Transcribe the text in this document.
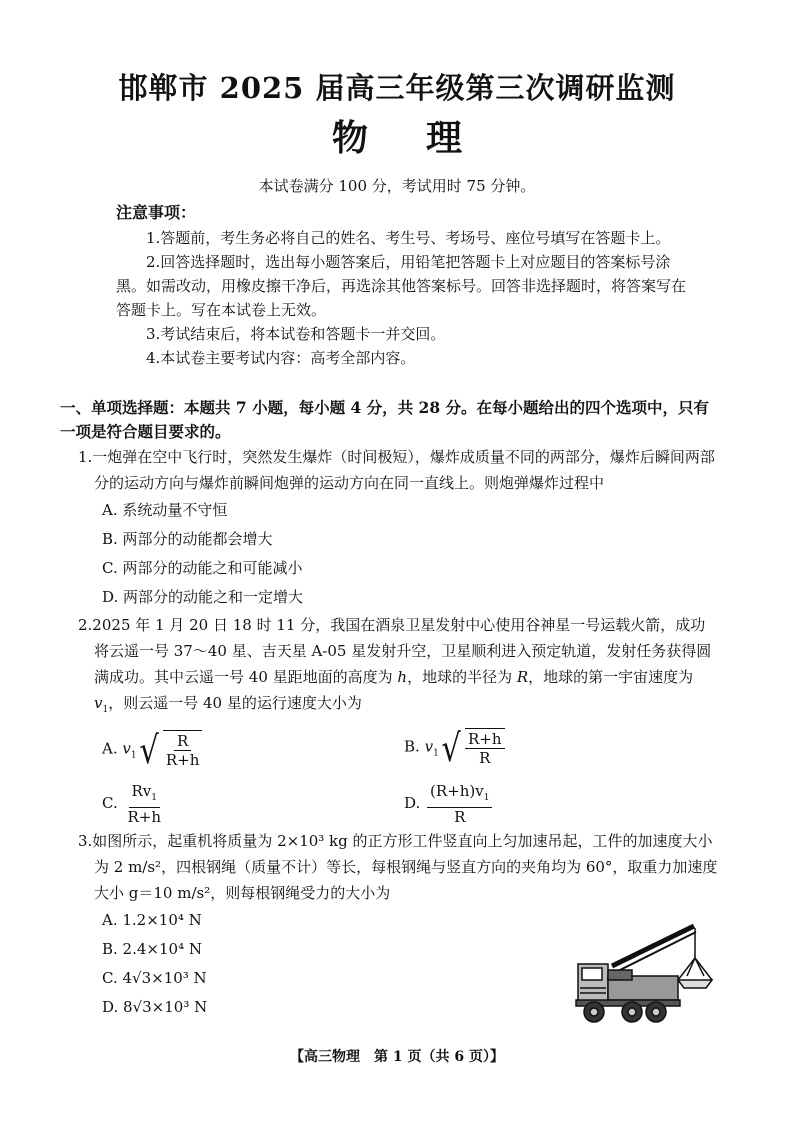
邯郸市 2025 届高三年级第三次调研监测
物理
本试卷满分 100 分，考试用时 75 分钟。
注意事项：

1.答题前，考生务必将自己的姓名、考生号、考场号、座位号填写在答题卡上。

2.回答选择题时，选出每小题答案后，用铅笔把答题卡上对应题目的答案标号涂黑。如需改动，用橡皮擦干净后，再选涂其他答案标号。回答非选择题时，将答案写在答题卡上。写在本试卷上无效。

3.考试结束后，将本试卷和答题卡一并交回。

4.本试卷主要考试内容：高考全部内容。

一、单项选择题：本题共 7 小题，每小题 4 分，共 28 分。在每小题给出的四个选项中，只有一项是符合题目要求的。
1.一炮弹在空中飞行时，突然发生爆炸（时间极短），爆炸成质量不同的两部分，爆炸后瞬间两部分的运动方向与爆炸前瞬间炮弹的运动方向在同一直线上。则炮弹爆炸过程中
A. 系统动量不守恒
B. 两部分的动能都会增大
C. 两部分的动能之和可能减小
D. 两部分的动能之和一定增大
2.2025 年 1 月 20 日 18 时 11 分，我国在酒泉卫星发射中心使用谷神星一号运载火箭，成功将云遥一号 37～40 星、吉天星 A-05 星发射升空，卫星顺利进入预定轨道，发射任务获得圆满成功。其中云遥一号 40 星距地面的高度为 h，地球的半径为 R，地球的第一宇宙速度为 $v_1$，则云遥一号 40 星的运行速度大小为
A. $v_1$ √ $\frac{R}{R+h}$	B. $v_1$ √ $\frac{R+h}{R}$
C. $\frac{Rv_1}{R+h}$	D. $\frac{(R+h)v_1}{R}$
3.如图所示，起重机将质量为 2×10³ kg 的正方形工件竖直向上匀加速吊起，工件的加速度大小为 2 m/s²，四根钢绳（质量不计）等长，每根钢绳与竖直方向的夹角均为 60°，取重力加速度大小 g＝10 m/s²，则每根钢绳受力的大小为
A. 1.2×10⁴ N
B. 2.4×10⁴ N
C. 4√3×10³ N
D. 8√3×10³ N
【高三物理　第 1 页（共 6 页）】
